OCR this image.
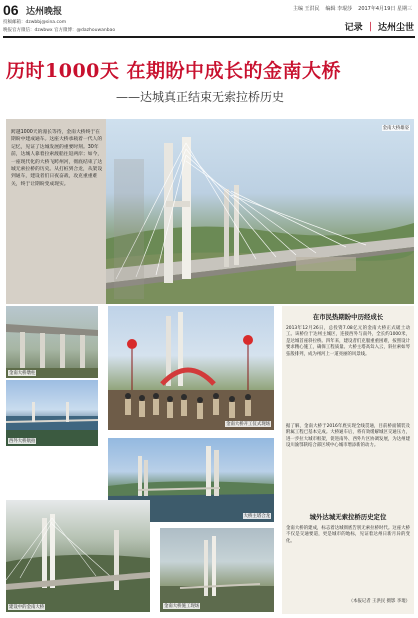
06 达州晚报	主编 王洪民 编辑 李琨莎 2017年4月19日 星期三
投稿邮箱：dzwbbj@sina.com
晚报官方微信：dzwbwx 官方微博：@dazhouwanbao	记录 ｜ 达州尘世
历时1000天 在期盼中成长的金南大桥
——达城真正结束无索拉桥历史
跨越1000天的漫长等待，金南大桥终于在期盼中建成通车。这座大桥承载着一代人的记忆，见证了达城发展的重要时刻。30年前，达城人靠着拉索渡船往返两岸；如今，一座现代化的大桥飞跨州河，彻底结束了达城无索拉桥的历史。从打桩到合龙，从架设到通车，建设者们日夜奋战，攻克重重难关，终于让期盼变成现实。
金南大桥雄姿
金南大桥墩柱
金南大桥开工仪式现场
西外大桥航拍
大桥主塔合龙
建设中的金南大桥	金南大桥施工现场
在市民热期盼中历经成长
2013年12月26日，总投资7.08亿元的金南大桥正式破土动工。该桥位于达州主城区，连接西外与南外，全长约1000米，是达城首座斜拉桥。四年来，建设者们克服重重困难，按照设计要求精心施工，确保工程质量。大桥主塔高耸入云，斜拉索如琴弦般排列，成为州河上一道亮丽的风景线。
据了解，金南大桥于2016年底实现全线贯通，目前桥面铺装及附属工程已基本完成。大桥通车后，将有效缓解城区交通压力，进一步拉大城市框架，促进南外、西外片区协调发展，为达州建设川渝鄂陕结合部区域中心城市增添新的动力。
城外达城无索拉桥历史定位
金南大桥的建成，标志着达城彻底告别无索拉桥时代。这座大桥不仅是交通要道，更是城市的地标，见证着达州日新月异的变化。
（本报记者 王洪民 摄影 李琨）
